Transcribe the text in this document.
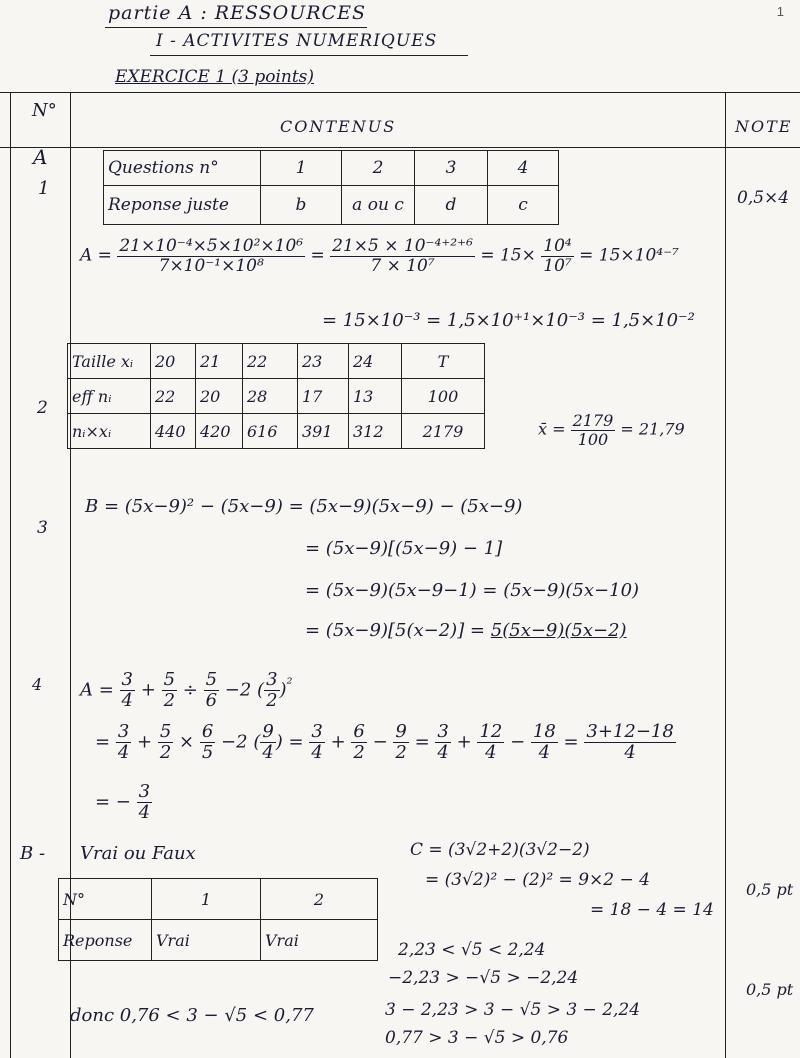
1
partie A : RESSOURCES
I - ACTIVITES NUMERIQUES
EXERCICE 1 (3 points)
N°
CONTENUS	NOTE
A
1
2
3
4
B -
0,5×4
0,5 pt
0,5 pt
Questions n°	1	2	3	4
Reponse juste	b	a ou c	d	c
$A = \frac{\text{21×10⁻⁴×5×10²×10⁶}}{\text{7×10⁻¹×10⁸}} = \frac{\text{21×5 × 10⁻⁴⁺²⁺⁶}}{\text{7 × 10⁷}} = 15\times \frac{\text{10⁴}}{\text{10⁷}} = 15\times 10^{4-7}$
= 15×10⁻³ = 1,5×10⁺¹×10⁻³ = 1,5×10⁻²
Taille xᵢ	20	21	22	23	24	T
eff nᵢ	22	20	28	17	13	100
nᵢ×xᵢ	440	420	616	391	312	2179	x̄ = $\frac{2179}{100} = 21,79$
B = (5x−9)² − (5x−9) = (5x−9)(5x−9) − (5x−9)
= (5x−9)[(5x−9) − 1]
= (5x−9)(5x−9−1) = (5x−9)(5x−10)
= (5x−9)[5(x−2)] = 5(5x−9)(5x−2)
$A = \frac{3}{4} + \frac{5}{2} \div \frac{5}{6} -2$ ( $\frac{3}{2} )^{^2}$
= $\frac{3}{4} + \frac{5}{2} \times \frac{6}{5} -2$ ( $\frac{9}{4}$ ) = $\frac{3}{4} + \frac{6}{2} - \frac{9}{2} = \frac{3}{4} + \frac{12}{4} - \frac{18}{4} = \frac{3+12-18}{4}$
= − $\frac{3}{4}$
Vrai ou Faux
N°	1	2
Reponse	Vrai	Vrai
donc 0,76 < 3 − √5 < 0,77
C = (3√2+2)(3√2−2)
= (3√2)² − (2)² = 9×2 − 4
= 18 − 4 = 14
2,23 < √5 < 2,24
−2,23 > −√5 > −2,24
3 − 2,23 > 3 − √5 > 3 − 2,24
0,77 > 3 − √5 > 0,76
